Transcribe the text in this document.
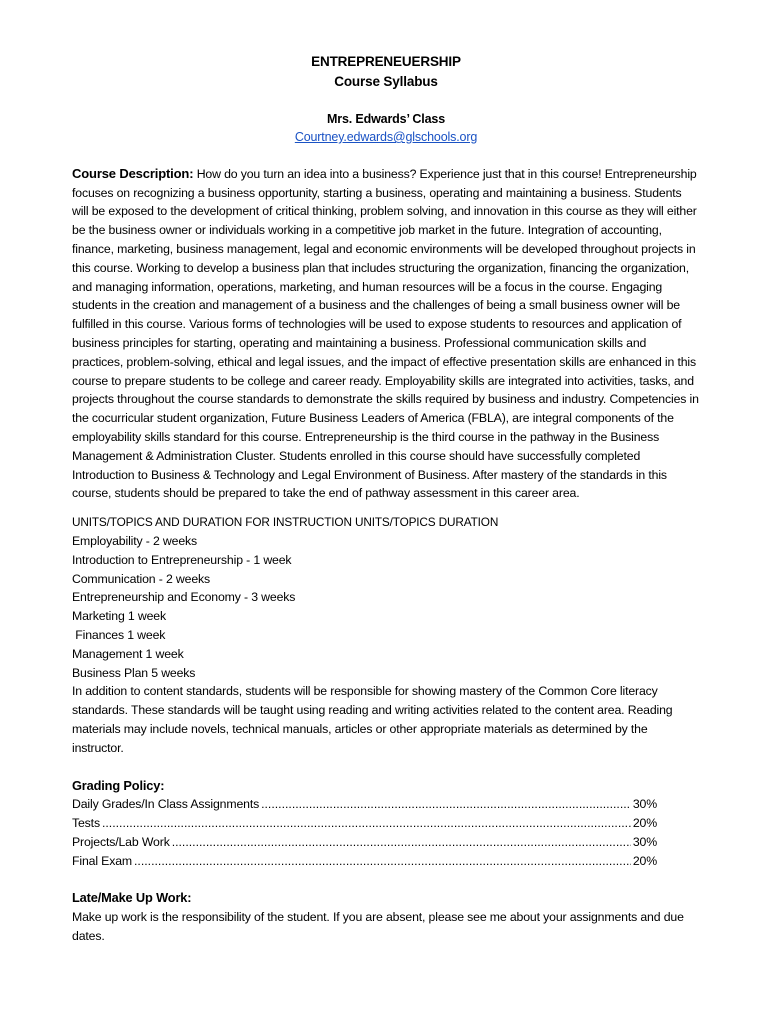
ENTREPRENEUERSHIP
Course Syllabus
Mrs. Edwards’ Class
Courtney.edwards@glschools.org
Course Description: How do you turn an idea into a business? Experience just that in this course! Entrepreneurship focuses on recognizing a business opportunity, starting a business, operating and maintaining a business. Students will be exposed to the development of critical thinking, problem solving, and innovation in this course as they will either be the business owner or individuals working in a competitive job market in the future. Integration of accounting, finance, marketing, business management, legal and economic environments will be developed throughout projects in this course. Working to develop a business plan that includes structuring the organization, financing the organization, and managing information, operations, marketing, and human resources will be a focus in the course. Engaging students in the creation and management of a business and the challenges of being a small business owner will be fulfilled in this course. Various forms of technologies will be used to expose students to resources and application of business principles for starting, operating and maintaining a business. Professional communication skills and practices, problem-solving, ethical and legal issues, and the impact of effective presentation skills are enhanced in this course to prepare students to be college and career ready. Employability skills are integrated into activities, tasks, and projects throughout the course standards to demonstrate the skills required by business and industry. Competencies in the cocurricular student organization, Future Business Leaders of America (FBLA), are integral components of the employability skills standard for this course. Entrepreneurship is the third course in the pathway in the Business Management & Administration Cluster. Students enrolled in this course should have successfully completed Introduction to Business & Technology and Legal Environment of Business. After mastery of the standards in this course, students should be prepared to take the end of pathway assessment in this career area.
UNITS/TOPICS AND DURATION FOR INSTRUCTION UNITS/TOPICS DURATION
Employability - 2 weeks
Introduction to Entrepreneurship - 1 week
Communication - 2 weeks
Entrepreneurship and Economy - 3 weeks
Marketing 1 week
Finances 1 week
Management 1 week
Business Plan 5 weeks
In addition to content standards, students will be responsible for showing mastery of the Common Core literacy standards. These standards will be taught using reading and writing activities related to the content area. Reading materials may include novels, technical manuals, articles or other appropriate materials as determined by the instructor.
Grading Policy:
Daily Grades/In Class Assignments .....	30%
Tests .....	20%
Projects/Lab Work .....	30%
Final Exam .....	20%
Late/Make Up Work:
Make up work is the responsibility of the student. If you are absent, please see me about your assignments and due dates.
